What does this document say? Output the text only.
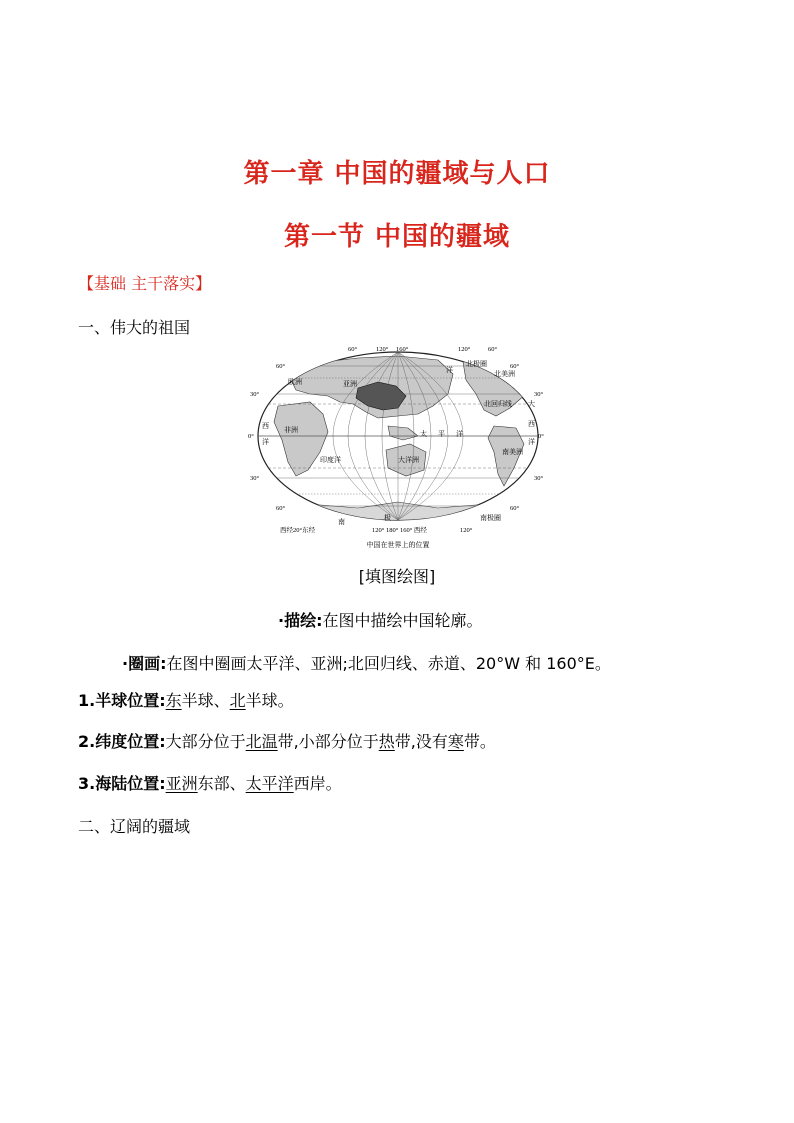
第一章 中国的疆域与人口
第一节 中国的疆域
【基础 主干落实】
一、伟大的祖国
欧洲	亚洲
非洲
印度洋	大洋洲
太 平 洋
北美洲
南美洲
南	极
北极圈
北回归线
南极圈
洋
大
西
洋
西
洋
60°	120° 160°	120°	60°
60°
30°
0°
30°
60°
60°
30°
0°
30°
60°
西经20°东经	120° 180° 160° 西经	120°
中国在世界上的位置
[填图绘图]
·描绘:在图中描绘中国轮廓。
·圈画:在图中圈画太平洋、亚洲;北回归线、赤道、20°W 和 160°E。
1.半球位置:东半球、北半球。
2.纬度位置:大部分位于北温带,小部分位于热带,没有寒带。
3.海陆位置:亚洲东部、太平洋西岸。
二、辽阔的疆域
